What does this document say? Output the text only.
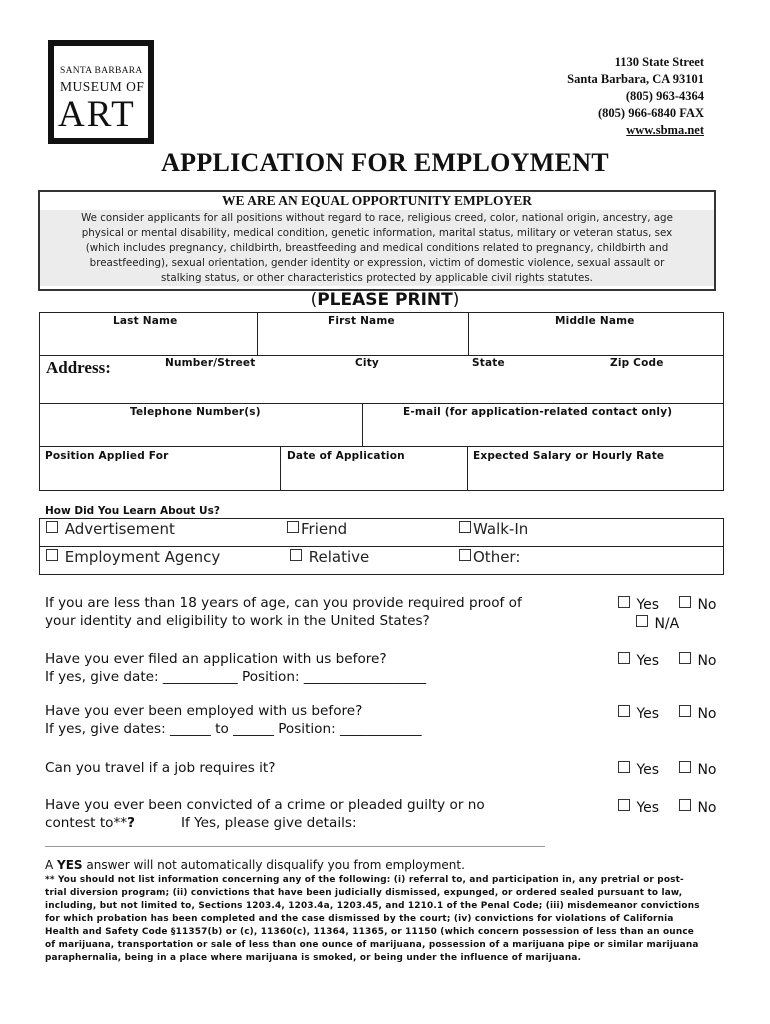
SANTA BARBARA
MUSEUM OF
ART
1130 State Street
Santa Barbara, CA 93101
(805) 963-4364
(805) 966-6840 FAX
www.sbma.net
APPLICATION FOR EMPLOYMENT
WE ARE AN EQUAL OPPORTUNITY EMPLOYER
We consider applicants for all positions without regard to race, religious creed, color, national origin, ancestry, age
physical or mental disability, medical condition, genetic information, marital status, military or veteran status, sex
(which includes pregnancy, childbirth, breastfeeding and medical conditions related to pregnancy, childbirth and
breastfeeding), sexual orientation, gender identity or expression, victim of domestic violence, sexual assault or
stalking status, or other characteristics protected by applicable civil rights statutes.
(PLEASE PRINT)
Last Name	First Name	Middle Name
Address:	Number/Street	City	State	Zip Code
Telephone Number(s)	E-mail (for application-related contact only)
Position Applied For	Date of Application	Expected Salary or Hourly Rate
How Did You Learn About Us?
Advertisement	Friend	Walk-In
Employment Agency	Relative	Other:
If you are less than 18 years of age, can you provide required proof of
your identity and eligibility to work in the United States?
Yes	No
N/A
Have you ever filed an application with us before?
If yes, give date: ___________ Position: __________________
Yes	No
Have you ever been employed with us before?
If yes, give dates: ______ to ______ Position: ____________
Yes	No
Can you travel if a job requires it?	Yes	No
Have you ever been convicted of a crime or pleaded guilty or no
contest to**?	If Yes, please give details:
Yes	No
A YES answer will not automatically disqualify you from employment.
** You should not list information concerning any of the following: (i) referral to, and participation in, any pretrial or post-trial diversion program; (ii) convictions that have been judicially dismissed, expunged, or ordered sealed pursuant to law, including, but not limited to, Sections 1203.4, 1203.4a, 1203.45, and 1210.1 of the Penal Code; (iii) misdemeanor convictions for which probation has been completed and the case dismissed by the court; (iv) convictions for violations of California Health and Safety Code §11357(b) or (c), 11360(c), 11364, 11365, or 11150 (which concern possession of less than an ounce of marijuana, transportation or sale of less than one ounce of marijuana, possession of a marijuana pipe or similar marijuana paraphernalia, being in a place where marijuana is smoked, or being under the influence of marijuana.
